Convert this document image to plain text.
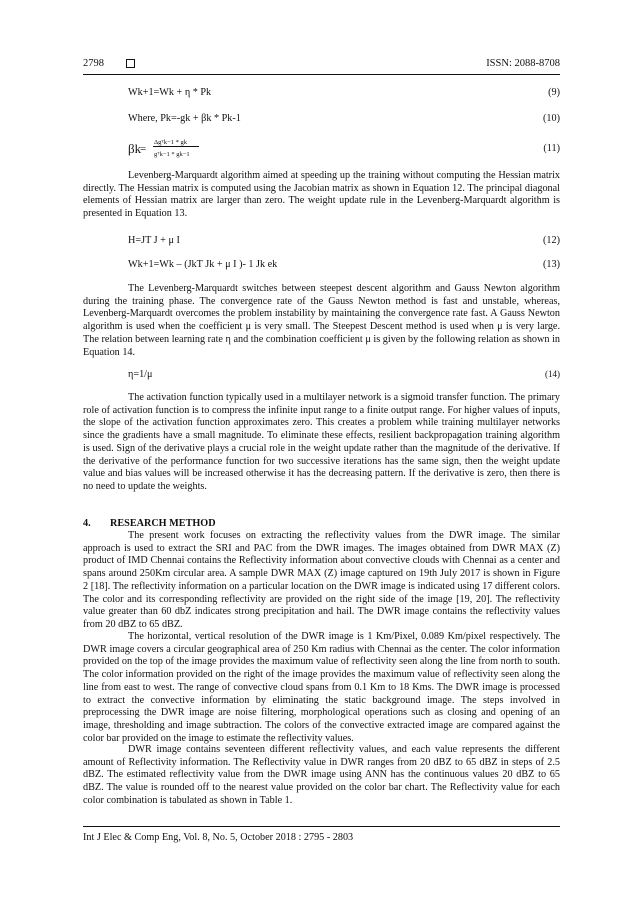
2798	ISSN: 2088-8708
Wk+1=Wk + η * Pk	(9)
Where, Pk=-gk + βk * Pk-1	(10)
βk
=
Δgᵀk−1 * gk
gᵀk−1 * gk−1
(11)

Levenberg-Marquardt algorithm aimed at speeding up the training without computing the Hessian matrix directly. The Hessian matrix is computed using the Jacobian matrix as shown in Equation 12. The principal diagonal elements of Hessian matrix are larger than zero. The weight update rule in the Levenberg-Marquardt algorithm is presented in Equation 13.

H=JT J + μ I	(12)
Wk+1=Wk – (JkT Jk + μ I )- 1 Jk ek	(13)

The Levenberg-Marquardt switches between steepest descent algorithm and Gauss Newton algorithm during the training phase. The convergence rate of the Gauss Newton method is fast and unstable, whereas, Levenberg-Marquardt overcomes the problem instability by maintaining the convergence rate fast. A Gauss Newton algorithm is used when the coefficient μ is very small. The Steepest Descent method is used when μ is very large. The relation between learning rate η and the combination coefficient μ is given by the following relation as shown in Equation 14.

η=1/μ	(14)

The activation function typically used in a multilayer network is a sigmoid transfer function. The primary role of activation function is to compress the infinite input range to a finite output range. For higher values of inputs, the slope of the activation function approximates zero. This creates a problem while training multilayer networks since the gradients have a small magnitude. To eliminate these effects, resilient backpropagation training algorithm is used. Sign of the derivative plays a crucial role in the weight update rather than the magnitude of the derivative. If the derivative of the performance function for two successive iterations has the same sign, then the weight update value and bias values will be increased otherwise it has the decreasing pattern. If the derivative is zero, then there is no need to update the weights.

4. RESEARCH METHOD

The present work focuses on extracting the reflectivity values from the DWR image. The similar approach is used to extract the SRI and PAC from the DWR images. The images obtained from DWR MAX (Z) product of IMD Chennai contains the Reflectivity information about convective clouds with Chennai as a center and spans around 250Km circular area. A sample DWR MAX (Z) image captured on 19th July 2017 is shown in Figure 2 [18]. The reflectivity information on a particular location on the DWR image is indicated using 17 different colors. The color and its corresponding reflectivity are provided on the right side of the image [19, 20]. The reflectivity value greater than 60 dbZ indicates strong precipitation and hail. The DWR image contains the reflectivity values from 20 dBZ to 65 dBZ.

The horizontal, vertical resolution of the DWR image is 1 Km/Pixel, 0.089 Km/pixel respectively. The DWR image covers a circular geographical area of 250 Km radius with Chennai as the center. The color information provided on the top of the image provides the maximum value of reflectivity seen along the line from north to south. The color information provided on the right of the image provides the maximum value of reflectivity seen along the line from east to west. The range of convective cloud spans from 0.1 Km to 18 Kms. The DWR image is processed to extract the convective information by eliminating the static background image. The steps involved in preprocessing the DWR image are noise filtering, morphological operations such as closing and opening of an image, thresholding and image subtraction. The colors of the convective extracted image are compared against the color bar provided on the image to estimate the reflectivity values.

DWR image contains seventeen different reflectivity values, and each value represents the different amount of Reflectivity information. The Reflectivity value in DWR ranges from 20 dBZ to 65 dBZ in steps of 2.5 dBZ. The estimated reflectivity value from the DWR image using ANN has the continuous values 20 dBZ to 65 dBZ. The value is rounded off to the nearest value provided on the color bar chart. The Reflectivity value for each color combination is tabulated as shown in Table 1.

Int J Elec & Comp Eng, Vol. 8, No. 5, October 2018 : 2795 - 2803
